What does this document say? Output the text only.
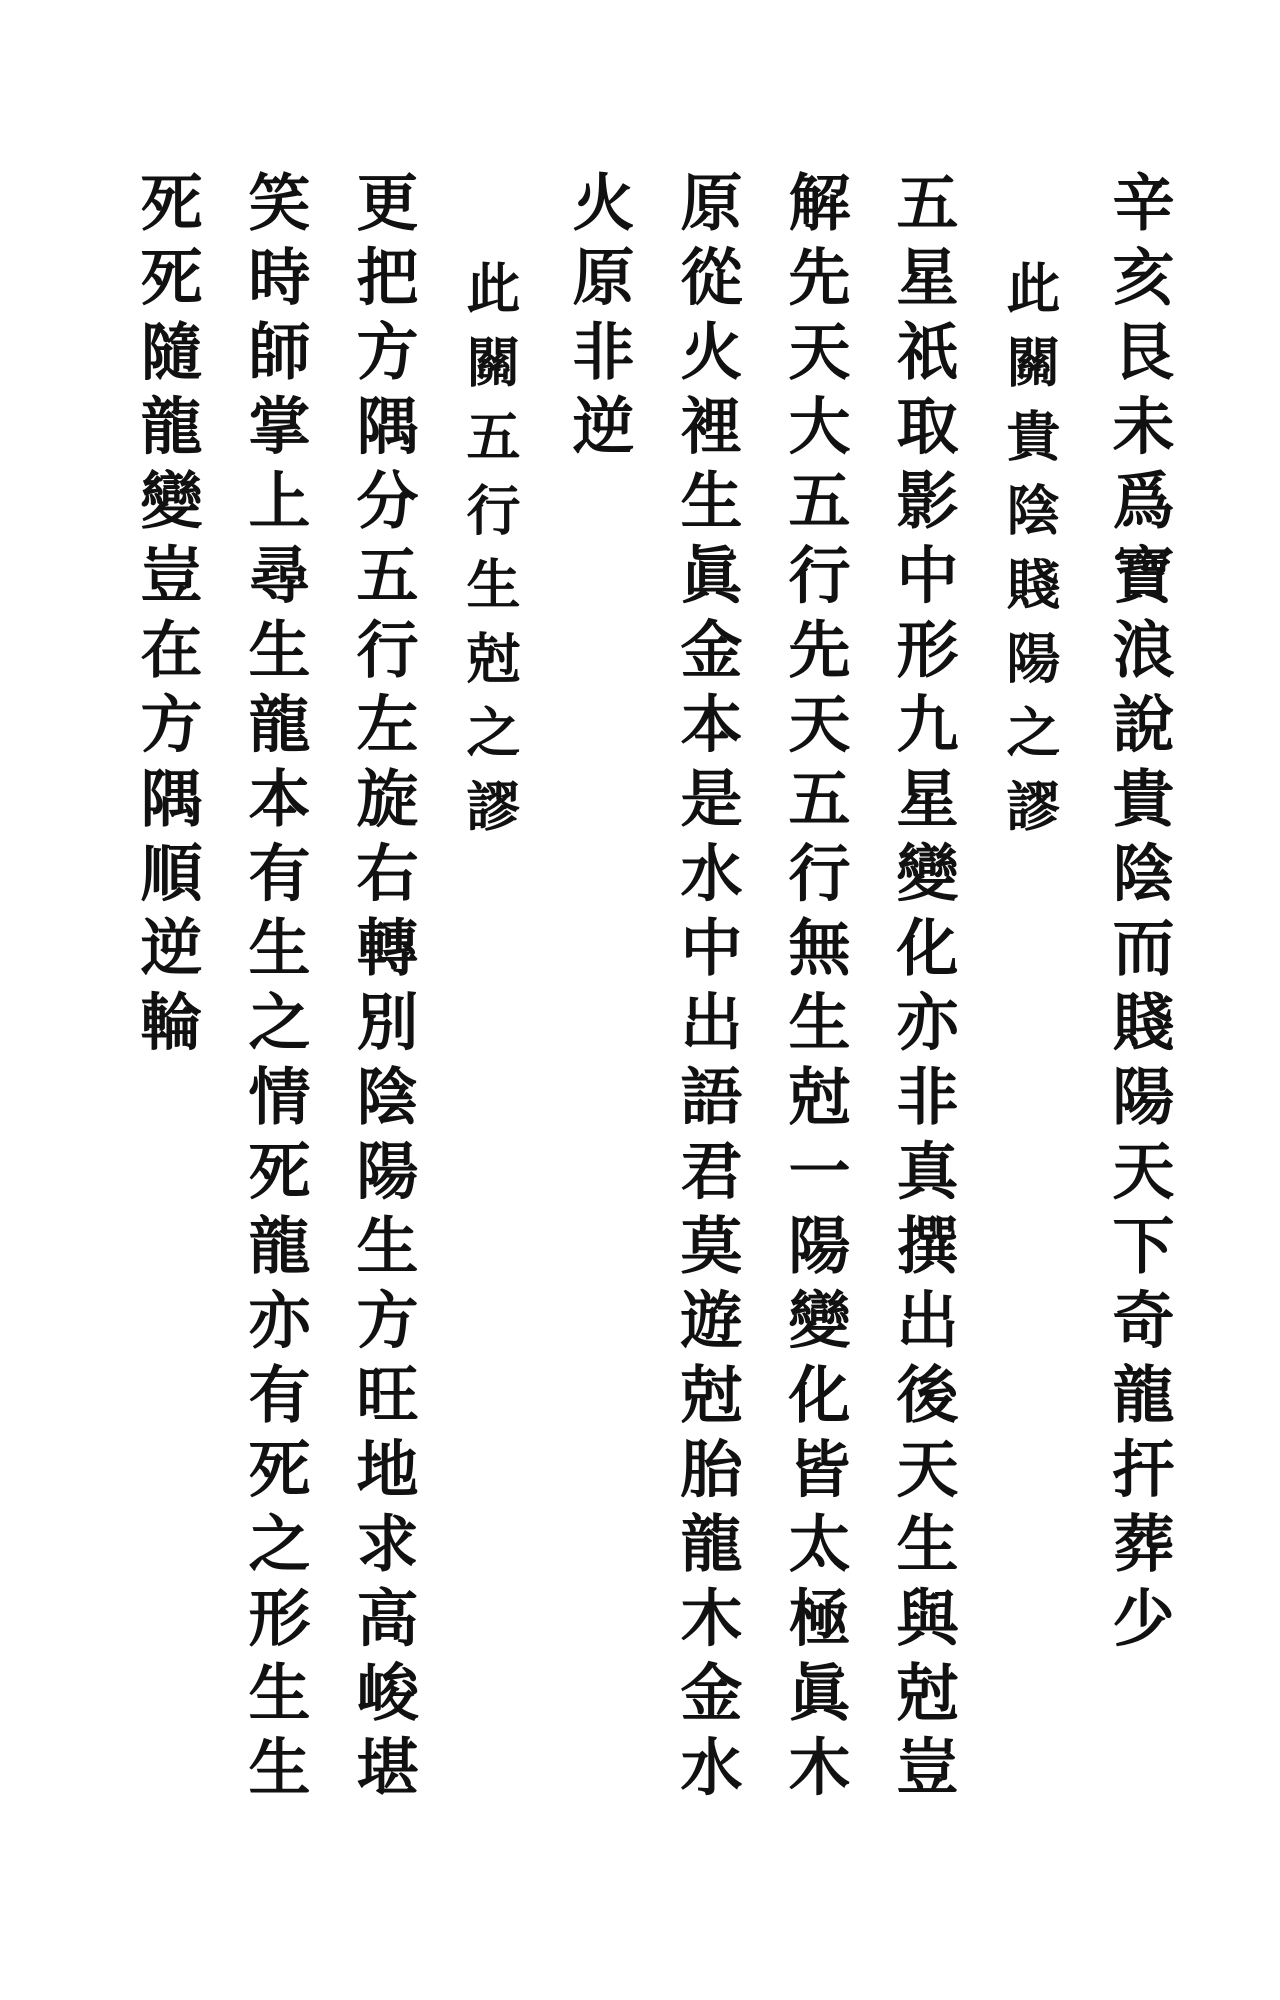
辛亥艮未爲寶浪說貴陰而賤陽天下奇龍扞葬少
此關貴陰賤陽之謬
五星祇取影中形九星變化亦非真撰出後天生與尅豈
解先天大五行先天五行無生尅一陽變化皆太極眞木
原從火裡生眞金本是水中出語君莫遊尅胎龍木金水
火原非逆
此關五行生尅之謬
更把方隅分五行左旋右轉別陰陽生方旺地求高峻堪
笑時師掌上尋生龍本有生之情死龍亦有死之形生生
死死隨龍變豈在方隅順逆輪
